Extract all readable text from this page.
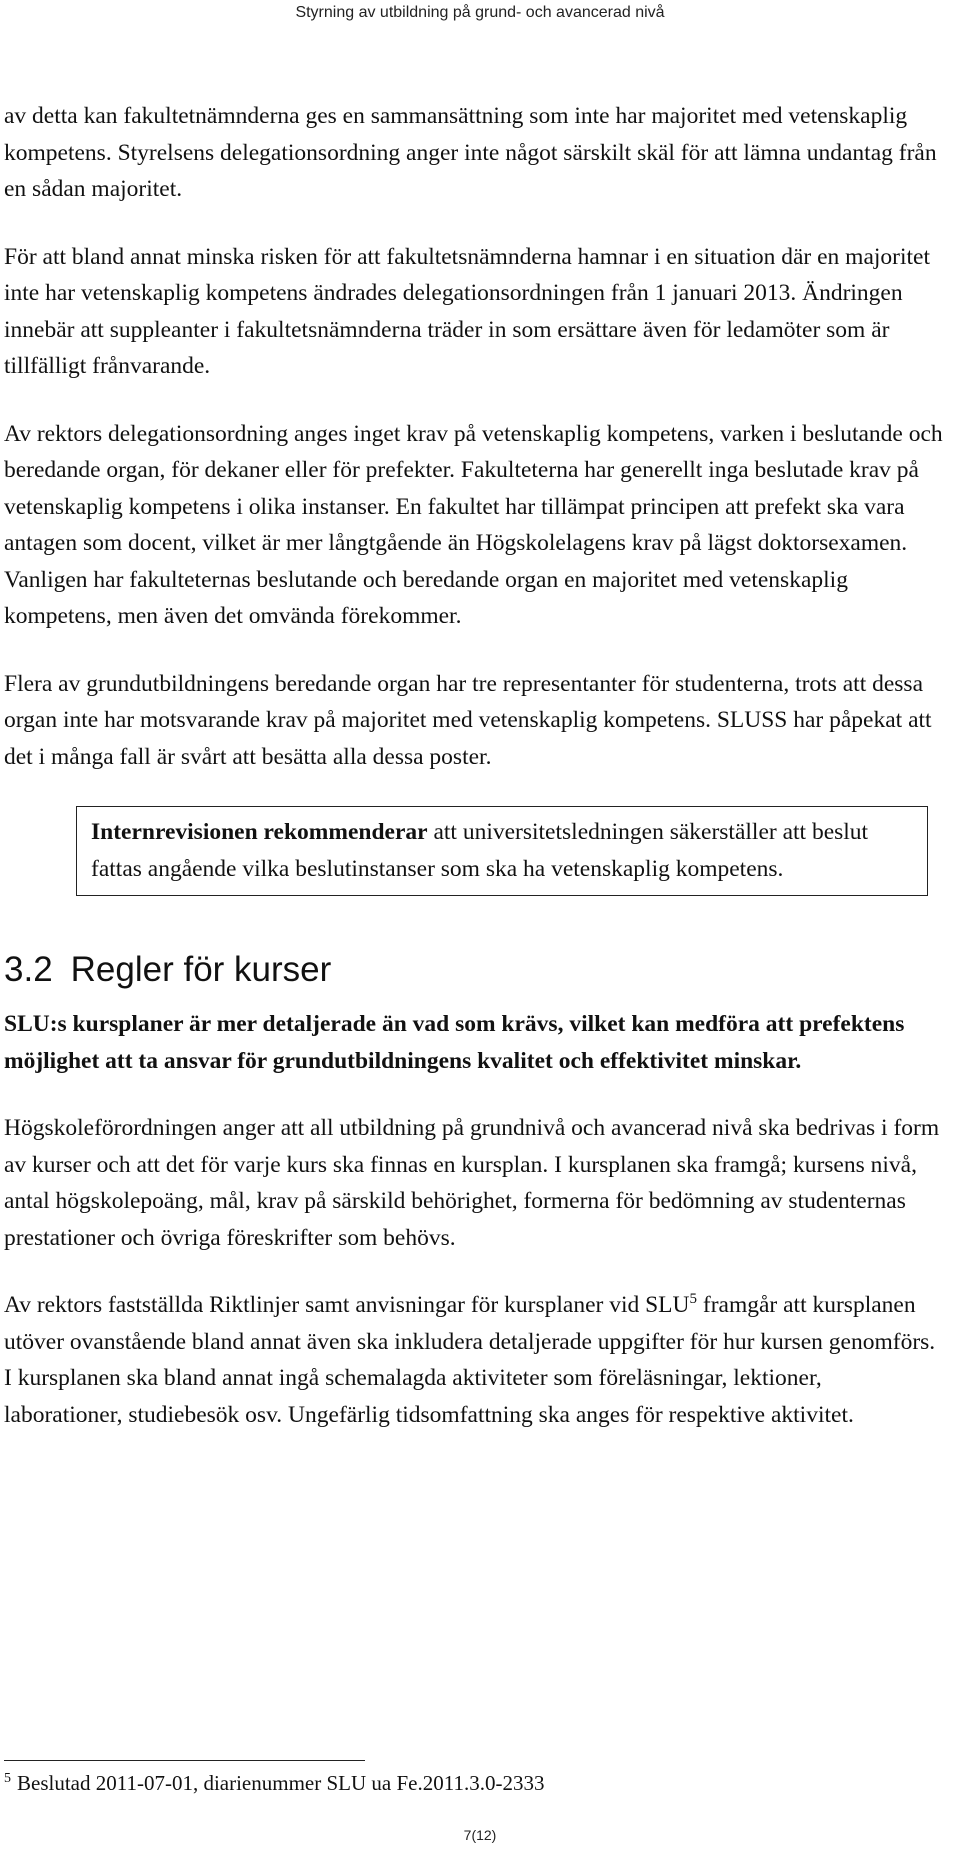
Styrning av utbildning på grund- och avancerad nivå

av detta kan fakultetnämnderna ges en sammansättning som inte har majoritet med vetenskaplig kompetens. Styrelsens delegationsordning anger inte något särskilt skäl för att lämna undantag från en sådan majoritet.

För att bland annat minska risken för att fakultetsnämnderna hamnar i en situation där en majoritet inte har vetenskaplig kompetens ändrades delegationsordningen från 1 januari 2013. Ändringen innebär att suppleanter i fakultetsnämnderna träder in som ersättare även för ledamöter som är tillfälligt frånvarande.

Av rektors delegationsordning anges inget krav på vetenskaplig kompetens, varken i beslutande och beredande organ, för dekaner eller för prefekter. Fakulteterna har generellt inga beslutade krav på vetenskaplig kompetens i olika instanser. En fakultet har tillämpat principen att prefekt ska vara antagen som docent, vilket är mer långtgående än Högskolelagens krav på lägst doktorsexamen. Vanligen har fakulteternas beslutande och beredande organ en majoritet med vetenskaplig kompetens, men även det omvända förekommer.

Flera av grundutbildningens beredande organ har tre representanter för studenterna, trots att dessa organ inte har motsvarande krav på majoritet med vetenskaplig kompetens. SLUSS har påpekat att det i många fall är svårt att besätta alla dessa poster.

Internrevisionen rekommenderar att universitetsledningen säkerställer att beslut fattas angående vilka beslutinstanser som ska ha vetenskaplig kompetens.
3.2 Regler för kurser

SLU:s kursplaner är mer detaljerade än vad som krävs, vilket kan medföra att prefektens möjlighet att ta ansvar för grundutbildningens kvalitet och effektivitet minskar.

Högskoleförordningen anger att all utbildning på grundnivå och avancerad nivå ska bedrivas i form av kurser och att det för varje kurs ska finnas en kursplan. I kursplanen ska framgå; kursens nivå, antal högskolepoäng, mål, krav på särskild behörighet, formerna för bedömning av studenternas prestationer och övriga föreskrifter som behövs.

Av rektors fastställda Riktlinjer samt anvisningar för kursplaner vid SLU$^5$ framgår att kursplanen utöver ovanstående bland annat även ska inkludera detaljerade uppgifter för hur kursen genomförs. I kursplanen ska bland annat ingå schemalagda aktiviteter som föreläsningar, lektioner, laborationer, studiebesök osv. Ungefärlig tidsomfattning ska anges för respektive aktivitet.

$^5$ Beslutad 2011-07-01, diarienummer SLU ua Fe.2011.3.0-2333
7(12)
